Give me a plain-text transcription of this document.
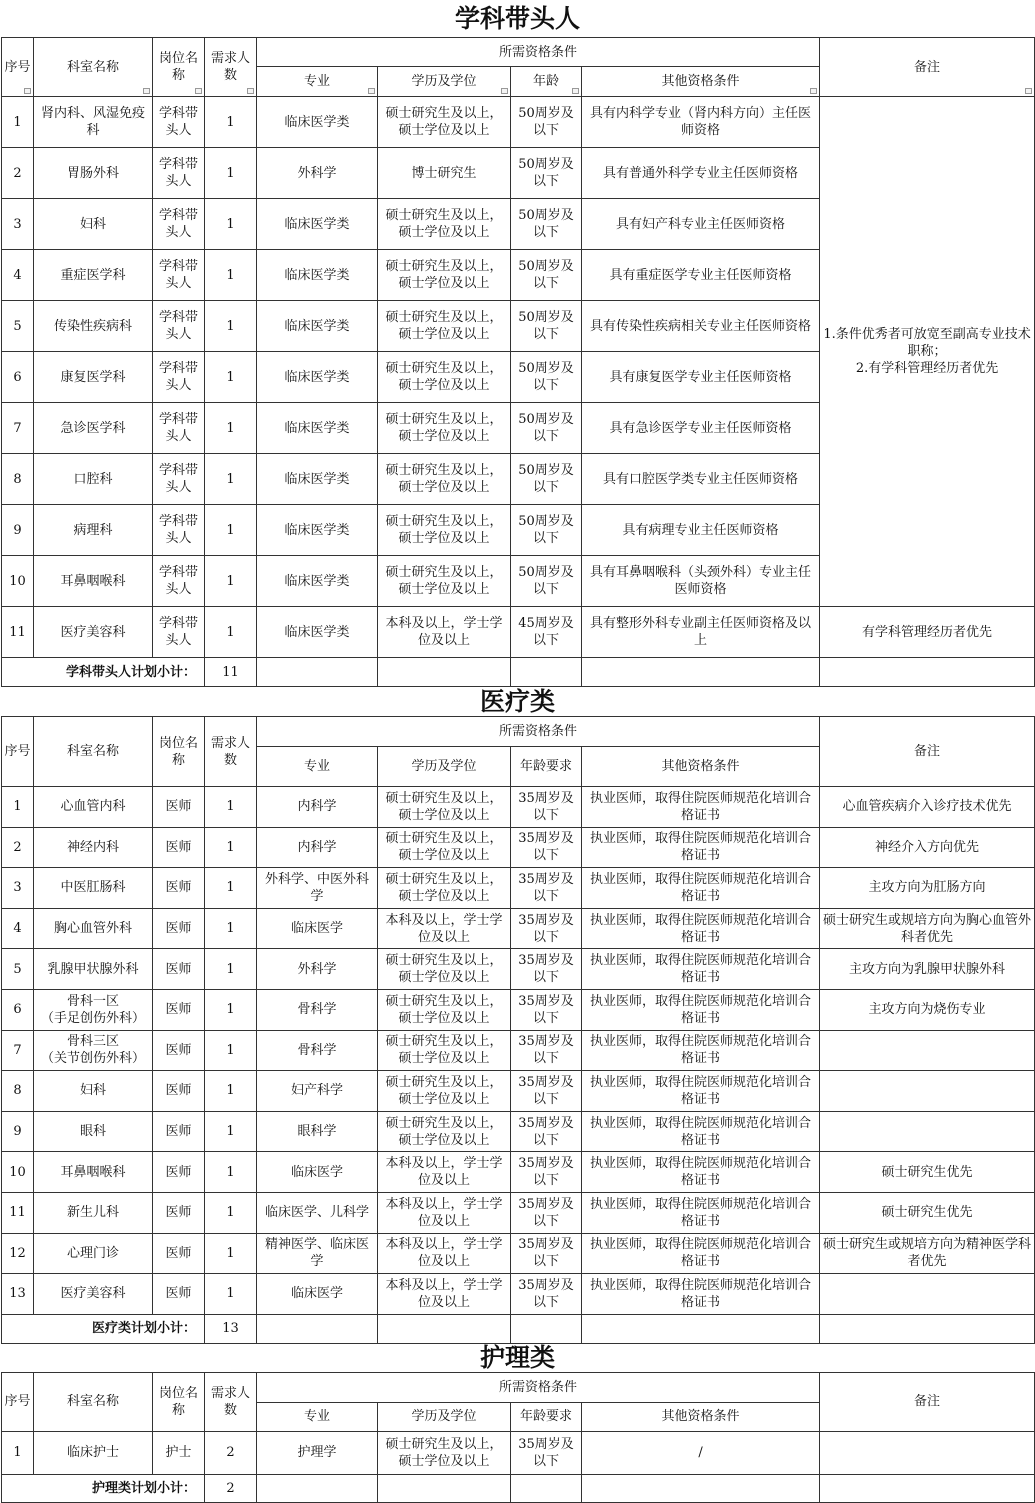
学科带头人
序号	科室名称	岗位名称	需求人数	所需资格条件				备注
				专业	学历及学位	年龄	其他资格条件	
1	肾内科、风湿免疫科	学科带头人	1	临床医学类	硕士研究生及以上，硕士学位及以上	50周岁及以下	具有内科学专业（肾内科方向）主任医师资格	1.条件优秀者可放宽至副高专业技术职称；
2.有学科管理经历者优先
2	胃肠外科	学科带头人	1	外科学	博士研究生	50周岁及以下	具有普通外科学专业主任医师资格	
3	妇科	学科带头人	1	临床医学类	硕士研究生及以上，硕士学位及以上	50周岁及以下	具有妇产科专业主任医师资格	
4	重症医学科	学科带头人	1	临床医学类	硕士研究生及以上，硕士学位及以上	50周岁及以下	具有重症医学专业主任医师资格	
5	传染性疾病科	学科带头人	1	临床医学类	硕士研究生及以上，硕士学位及以上	50周岁及以下	具有传染性疾病相关专业主任医师资格	
6	康复医学科	学科带头人	1	临床医学类	硕士研究生及以上，硕士学位及以上	50周岁及以下	具有康复医学专业主任医师资格	
7	急诊医学科	学科带头人	1	临床医学类	硕士研究生及以上，硕士学位及以上	50周岁及以下	具有急诊医学专业主任医师资格	
8	口腔科	学科带头人	1	临床医学类	硕士研究生及以上，硕士学位及以上	50周岁及以下	具有口腔医学类专业主任医师资格	
9	病理科	学科带头人	1	临床医学类	硕士研究生及以上，硕士学位及以上	50周岁及以下	具有病理专业主任医师资格	
10	耳鼻咽喉科	学科带头人	1	临床医学类	硕士研究生及以上，硕士学位及以上	50周岁及以下	具有耳鼻咽喉科（头颈外科）专业主任医师资格	
11	医疗美容科	学科带头人	1	临床医学类	本科及以上，学士学位及以上	45周岁及以下	具有整形外科专业副主任医师资格及以上	有学科管理经历者优先
学科带头人计划小计：			11					
医疗类
序号	科室名称	岗位名称	需求人数	所需资格条件				备注
				专业	学历及学位	年龄要求	其他资格条件	
1	心血管内科	医师	1	内科学	硕士研究生及以上，硕士学位及以上	35周岁及以下	执业医师，取得住院医师规范化培训合格证书	心血管疾病介入诊疗技术优先
2	神经内科	医师	1	内科学	硕士研究生及以上，硕士学位及以上	35周岁及以下	执业医师，取得住院医师规范化培训合格证书	神经介入方向优先
3	中医肛肠科	医师	1	外科学、中医外科学	硕士研究生及以上，硕士学位及以上	35周岁及以下	执业医师，取得住院医师规范化培训合格证书	主攻方向为肛肠方向
4	胸心血管外科	医师	1	临床医学	本科及以上，学士学位及以上	35周岁及以下	执业医师，取得住院医师规范化培训合格证书	硕士研究生或规培方向为胸心血管外科者优先
5	乳腺甲状腺外科	医师	1	外科学	硕士研究生及以上，硕士学位及以上	35周岁及以下	执业医师，取得住院医师规范化培训合格证书	主攻方向为乳腺甲状腺外科
6	骨科一区
（手足创伤外科）	医师	1	骨科学	硕士研究生及以上，硕士学位及以上	35周岁及以下	执业医师，取得住院医师规范化培训合格证书	主攻方向为烧伤专业
7	骨科三区
（关节创伤外科）	医师	1	骨科学	硕士研究生及以上，硕士学位及以上	35周岁及以下	执业医师，取得住院医师规范化培训合格证书	
8	妇科	医师	1	妇产科学	硕士研究生及以上，硕士学位及以上	35周岁及以下	执业医师，取得住院医师规范化培训合格证书	
9	眼科	医师	1	眼科学	硕士研究生及以上，硕士学位及以上	35周岁及以下	执业医师，取得住院医师规范化培训合格证书	
10	耳鼻咽喉科	医师	1	临床医学	本科及以上，学士学位及以上	35周岁及以下	执业医师，取得住院医师规范化培训合格证书	硕士研究生优先
11	新生儿科	医师	1	临床医学、儿科学	本科及以上，学士学位及以上	35周岁及以下	执业医师，取得住院医师规范化培训合格证书	硕士研究生优先
12	心理门诊	医师	1	精神医学、临床医学	本科及以上，学士学位及以上	35周岁及以下	执业医师，取得住院医师规范化培训合格证书	硕士研究生或规培方向为精神医学科者优先
13	医疗美容科	医师	1	临床医学	本科及以上，学士学位及以上	35周岁及以下	执业医师，取得住院医师规范化培训合格证书	
医疗类计划小计：			13					
护理类
序号	科室名称	岗位名称	需求人数	所需资格条件				备注
				专业	学历及学位	年龄要求	其他资格条件	
1	临床护士	护士	2	护理学	硕士研究生及以上，硕士学位及以上	35周岁及以下	/	
护理类计划小计：			2					
